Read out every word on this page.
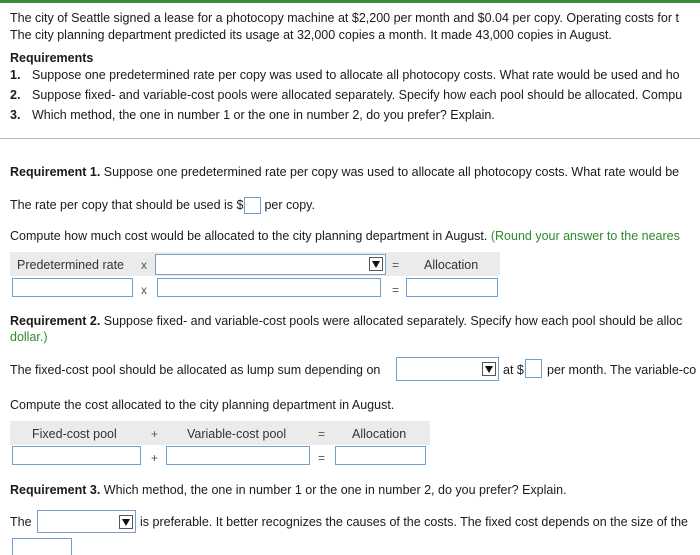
The city of Seattle signed a lease for a photocopy machine at $2,200 per month and $0.04 per copy. Operating costs for t
The city planning department predicted its usage at 32,000 copies a month. It made 43,000 copies in August.
Requirements
1. Suppose one predetermined rate per copy was used to allocate all photocopy costs. What rate would be used and ho
2. Suppose fixed- and variable-cost pools were allocated separately. Specify how each pool should be allocated. Compu
3. Which method, the one in number 1 or the one in number 2, do you prefer? Explain.
Requirement 1. Suppose one predetermined rate per copy was used to allocate all photocopy costs. What rate would be
The rate per copy that should be used is $ per copy.
Compute how much cost would be allocated to the city planning department in August. (Round your answer to the neares
Predetermined rate x	= Allocation
x	=
Requirement 2. Suppose fixed- and variable-cost pools were allocated separately. Specify how each pool should be alloc
dollar.)
The fixed-cost pool should be allocated as lump sum depending on	at $ per month. The variable-co
Compute the cost allocated to the city planning department in August.
Fixed-cost pool	+ Variable-cost pool	= Allocation
+	=
Requirement 3. Which method, the one in number 1 or the one in number 2, do you prefer? Explain.
The	is preferable. It better recognizes the causes of the costs. The fixed cost depends on the size of the
